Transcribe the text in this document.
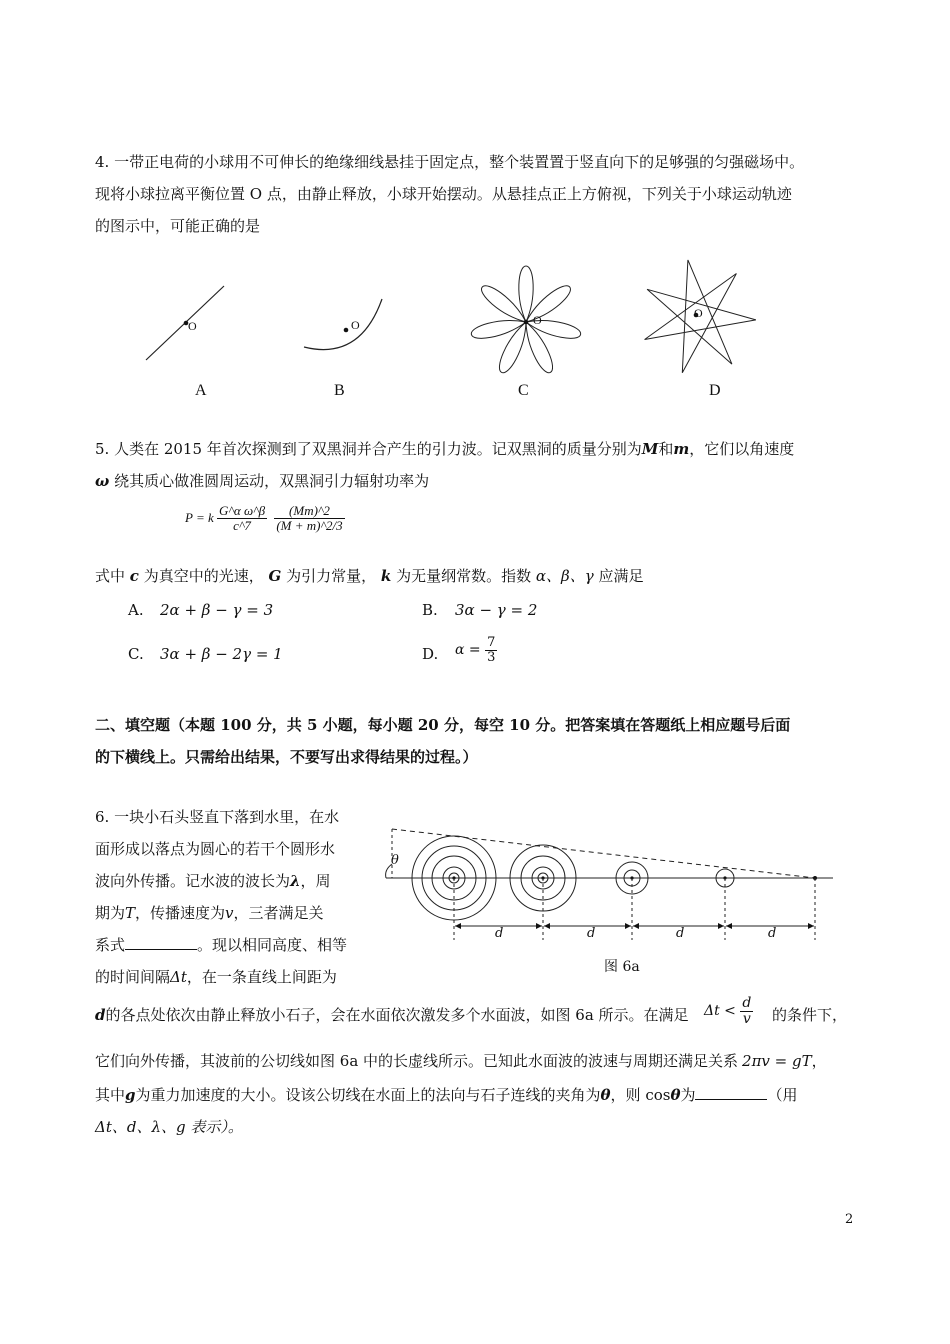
4. 一带正电荷的小球用不可伸长的绝缘细线悬挂于固定点，整个装置置于竖直向下的足够强的匀强磁场中。
现将小球拉离平衡位置 O 点，由静止释放，小球开始摆动。从悬挂点正上方俯视，下列关于小球运动轨迹
的图示中，可能正确的是
O	O	O	O
A	B	C	D
5. 人类在 2015 年首次探测到了双黑洞并合产生的引力波。记双黑洞的质量分别为M和m，它们以角速度
ω 绕其质心做准圆周运动，双黑洞引力辐射功率为
P = k $\frac{\text{G\textasciicircum{}α ω\textasciicircum{}β}}{c\^{}7}$
$\frac{(Mm)\^{}2}{(M + m)\^{}2/3}$
式中 c 为真空中的光速， G 为引力常量， k 为无量纲常数。指数 α、β、γ 应满足
A. 2α + β − γ = 3	B. 3α − γ = 2
C. 3α + β − 2γ = 1	D. $\alpha = \frac{7}{3}$
二、填空题（本题 100 分，共 5 小题，每小题 20 分，每空 10 分。把答案填在答题纸上相应题号后面
的下横线上。只需给出结果，不要写出求得结果的过程。）
6. 一块小石头竖直下落到水里，在水
面形成以落点为圆心的若干个圆形水
波向外传播。记水波的波长为λ，周
期为T，传播速度为v，三者满足关
系式	。现以相同高度、相等
的时间间隔Δt，在一条直线上间距为
θ
d	d	d	d
图 6a
d的各点处依次由静止释放小石子，会在水面依次激发多个水面波，如图 6a 所示。在满足 $\Delta t < \frac{d}{v}$ 的条件下，
它们向外传播，其波前的公切线如图 6a 中的长虚线所示。已知此水面波的波速与周期还满足关系 2πv = gT，
其中g为重力加速度的大小。设该公切线在水面上的法向与石子连线的夹角为θ，则 cosθ为	（用
Δt、d、λ、g 表示）。
2
